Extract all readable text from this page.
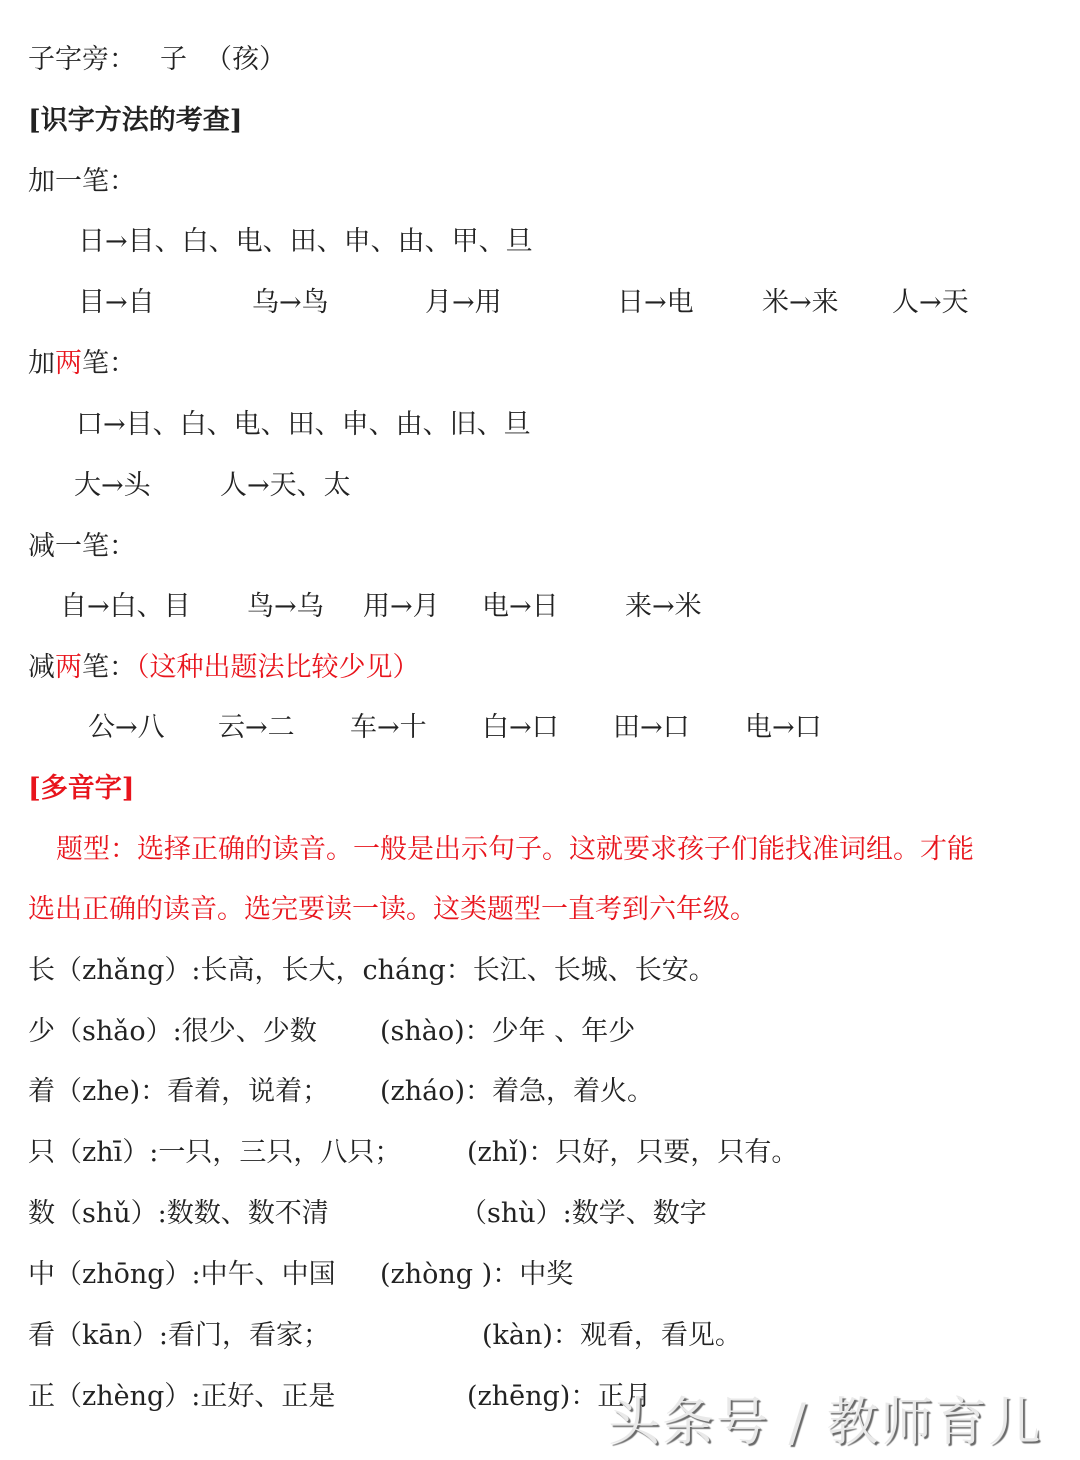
子字旁： 子 （孩）
[识字方法的考查]
加一笔：
日→目、白、电、田、申、由、甲、旦
目→自	乌→鸟	月→用	日→电	米→来 人→天
加两笔：
口→目、白、电、田、申、由、旧、旦
大→头	人→天、太
减一笔：
自→白、目 鸟→乌 用→月 电→日 来→米
减两笔：（这种出题法比较少见）
公→八 云→二 车→十 白→口 田→口 电→口
[多音字]
题型：选择正确的读音。一般是出示句子。这就要求孩子们能找准词组。才能
选出正确的读音。选完要读一读。这类题型一直考到六年级。
长（zhǎng）:长高，长大，cháng：长江、长城、长安。
少（shǎo）:很少、少数 (shào)：少年 、年少
着（zhe)：看着，说着； (zháo)：着急，着火。
只（zhī）:一只，三只，八只； (zhǐ)：只好，只要，只有。
数（shǔ）:数数、数不清	（shù）:数学、数字
中（zhōng）:中午、中国 (zhòng )：中奖
看（kān）:看门，看家；	(kàn)：观看，看见。
正（zhèng）:正好、正是	(zhēng)：正月
头条号 / 教师育儿
